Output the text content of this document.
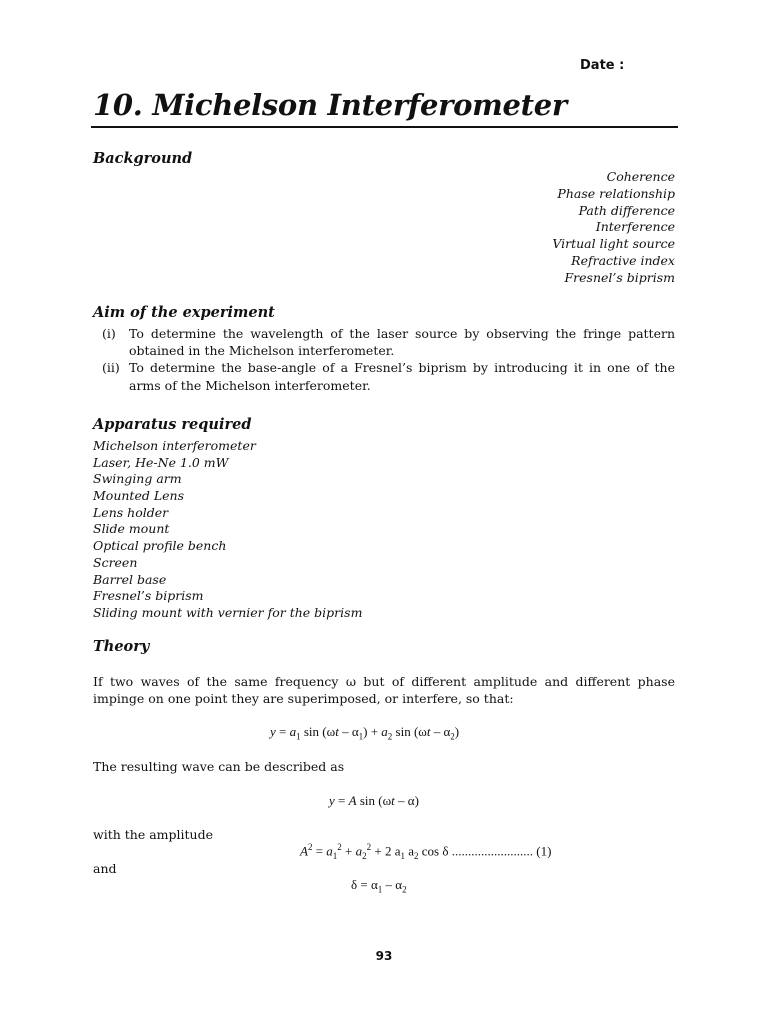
Date :
10. Michelson Interferometer
Background
Coherence
Phase relationship
Path difference
Interference
Virtual light source
Refractive index
Fresnel’s biprism
Aim of the experiment
(i) To determine the wavelength of the laser source by observing the fringe pattern obtained in the Michelson interferometer.
(ii) To determine the base-angle of a Fresnel’s biprism by introducing it in one of the arms of the Michelson interferometer.
Apparatus required
Michelson interferometer
Laser, He-Ne 1.0 mW
Swinging arm
Mounted Lens
Lens holder
Slide mount
Optical profile bench
Screen
Barrel base
Fresnel’s biprism
Sliding mount with vernier for the biprism
Theory
If two waves of the same frequency ω but of different amplitude and different phase impinge on one point they are superimposed, or interfere, so that:
$y = a_1$ $\sin (\omega t - \alpha_1) + a_2$ $\sin (\omega t - \alpha_2)$
The resulting wave can be described as
y = A sin (ωt – α)
with the amplitude
$A^2 = a_1^2 + a_2^2 + 2$ $a_1$ $a_2$ cos δ ......................... (1)
and
$\delta = \alpha_1 - \alpha_2$
93
